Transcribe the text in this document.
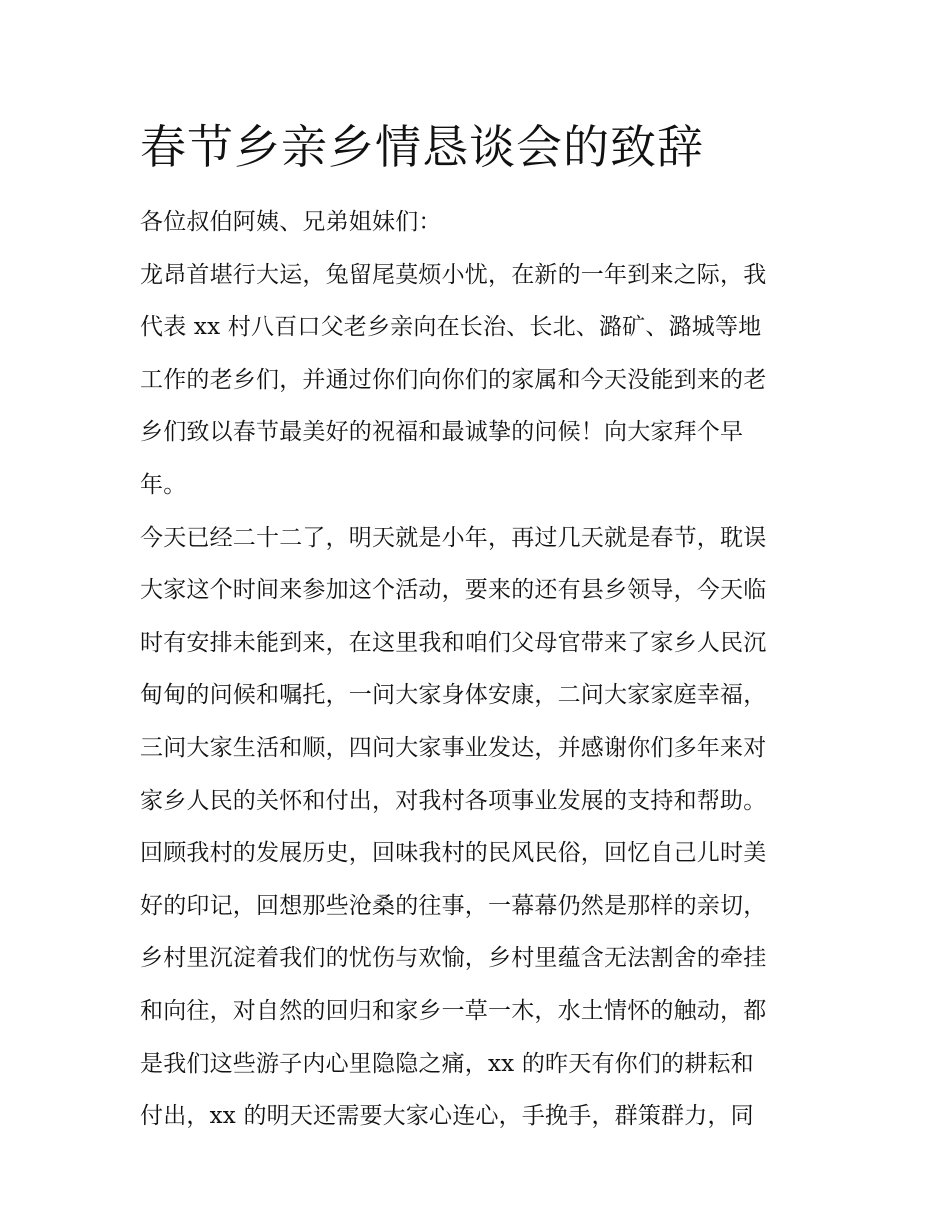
春节乡亲乡情恳谈会的致辞
各位叔伯阿姨、兄弟姐妹们：
龙昂首堪行大运，兔留尾莫烦小忧，在新的一年到来之际，我
代表 xx 村八百口父老乡亲向在长治、长北、潞矿、潞城等地
工作的老乡们，并通过你们向你们的家属和今天没能到来的老
乡们致以春节最美好的祝福和最诚挚的问候！向大家拜个早
年。
今天已经二十二了，明天就是小年，再过几天就是春节，耽误
大家这个时间来参加这个活动，要来的还有县乡领导，今天临
时有安排未能到来，在这里我和咱们父母官带来了家乡人民沉
甸甸的问候和嘱托，一问大家身体安康，二问大家家庭幸福，
三问大家生活和顺，四问大家事业发达，并感谢你们多年来对
家乡人民的关怀和付出，对我村各项事业发展的支持和帮助。
回顾我村的发展历史，回味我村的民风民俗，回忆自己儿时美
好的印记，回想那些沧桑的往事，一幕幕仍然是那样的亲切，
乡村里沉淀着我们的忧伤与欢愉，乡村里蕴含无法割舍的牵挂
和向往，对自然的回归和家乡一草一木，水土情怀的触动，都
是我们这些游子内心里隐隐之痛，xx 的昨天有你们的耕耘和
付出，xx 的明天还需要大家心连心，手挽手，群策群力，同
